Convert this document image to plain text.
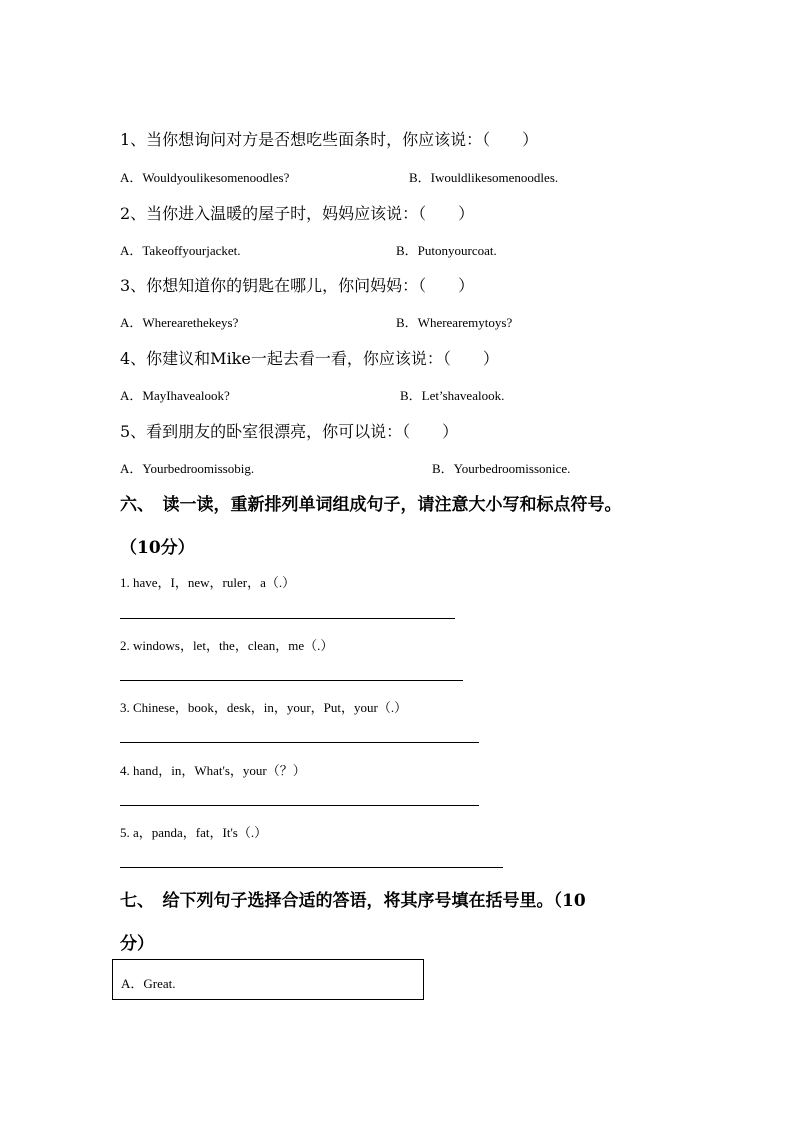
1、当你想询问对方是否想吃些面条时，你应该说：（　　）
A．Wouldyoulikesomenoodles?	B．Iwouldlikesomenoodles.
2、当你进入温暖的屋子时，妈妈应该说：（　　）
A．Takeoffyourjacket.	B．Putonyourcoat.
3、你想知道你的钥匙在哪儿，你问妈妈：（　　）
A．Wherearethekeys?	B．Wherearemytoys?
4、你建议和Mike一起去看一看，你应该说：（　　）
A．MayIhavealook?	B．Let’shavealook.
5、看到朋友的卧室很漂亮，你可以说：（　　）
A．Yourbedroomissobig.	B．Yourbedroomissonice.
六、　读一读，重新排列单词组成句子，请注意大小写和标点符号。
（10分）
1. have，I，new，ruler，a（.）
2. windows，let，the，clean，me（.）
3. Chinese，book，desk，in，your，Put，your（.）
4. hand，in，What's，your（？）
5. a，panda，fat，It's（.）
七、　给下列句子选择合适的答语，将其序号填在括号里。（10
分）
A．Great.
